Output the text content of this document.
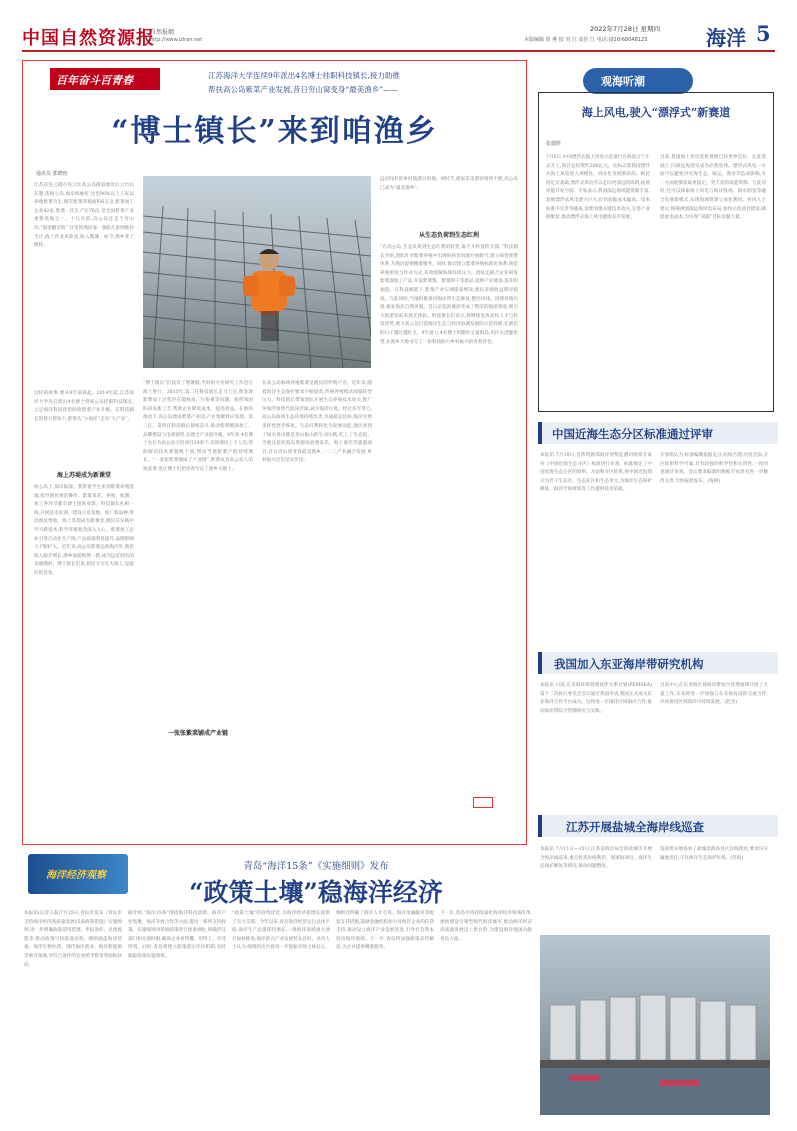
中国自然资源报
自然报網
http://www.iziran.net
2022年7月28日 星期四
本版编辑 崔 燕 校 对 江 责任 江 电话:(010)68048123	海洋 5
百年奋斗百青春	江苏海洋大学连续9年派出4名博士挂职科技镇长,接力助推
帮扶高公岛紫菜产业发展,昔日穷山窝变身“最美渔乡”——
“博士镇长”来到咱渔乡
通讯员 郭晓艳
江苏省连云港市连云区高公岛街道地处后云台山东麓,依海立岛,海岸线曲折,这里96%以上人家以养殖紫菜为生,拥有紫菜养殖面积6万亩,紫菜加工企业42家,紫菜一次生产达76亩,是全国紫菜产业重要基地之一。十几年前,高公岛还是个穷山沟,“海里翻苦海”,这里的渔民靠一条船几张网维持生计,海上作业风险高,收入微薄。如今,渔乡变了模样。
这样的故事,要从9年前说起。2014年起,江苏海洋大学先后派出4名博士到高公岛挂职科技镇长,立足海洋科技优势助推紫菜产业升级。在科技镇长的接力帮扶下,紫菜从“小海洋”走向“大产业”。
海上苏堤成为新课堂
海公岛上,海岸纵深。我带着学生来到紫菜养殖基地,指导渔民规范操作。紫菜采苗、养殖、收割、加工各环节都有博士团队身影。科技镇长扎根一线,开展技术培训、建设示范基地、推广新品种,带动渔民增收。海上苏堤成为新课堂,渔民在实践中学习新技术,科学养殖观念深入人心。紫菜加工企业引进自动化生产线,产品质量明显提升,品牌影响力不断扩大。近年来,高公岛紫菜远销海内外,渔民收入稳步增长,渔乡面貌焕然一新,成为远近闻名的美丽渔村。博士镇长们说,把论文写在大海上,是最好的答卷。
“博士镇长”们没有了寒暑假,平时的专业研究工作也在海上进行。2015年,第二任科技镇长走马上任,他发现紫菜加工过程存在能耗高、污染重等问题。他带领团队研发新工艺,帮助企业降低成本、提高效益。在他的推动下,高公岛建成紫菜产业园,产业集聚效应显现。第三任、第四任科技镇长接续奋斗,推动紫菜精深加工、品牌建设与电商销售,实现全产业链升级。9年来,4名博士先后为高公岛引进项目20余个,培训渔民上千人次,帮助解决技术难题数十项,带动当地紫菜产值持续增长。“一张张紫菜铺成了产业链”,紫菜成为高公岛人的致富菜,也让博士们把青春写在了渔乡大地上。
一张张紫菜铺成产业链
在高公岛海域养殖紫菜是渔民的传统产业。近年来,随着海洋生态保护要求不断提高,传统养殖模式面临转型压力。科技镇长带领团队开展生态养殖技术攻关,推广环保浮球替代泡沫浮球,减少海洋垃圾。经过多年努力,高公岛海域生态环境持续改善,水质稳定达标,海洋生物多样性逐步恢复。生态红利转化为发展动能,渔民看到了绿水青山就是金山银山的生动实践,吃上了生态饭。当地还依托海岛资源发展渔家乐、海上观光等旅游项目,昔日穷山窝变身最美渔乡,一二三产业融合发展,乡村振兴迈出坚实步伐。
远近闻名的乡村旅游目的地。闲时节,渔家乐里游客络绎不绝,高公岛已成为“最美渔乡”。
从生态负荷到生态红利
“在高公岛,生态负荷到生态红利的转变,离不开科技的支撑。”科技镇长介绍,团队针对紫菜养殖中出现的病害问题开展研究,建立病害预警体系,为渔民提供精准服务。同时,推动建立紫菜养殖标准化体系,规范养殖密度与作业方式,有效缓解海域环境压力。团队还联合企业研发紫菜深加工产品,开发紫菜酱、紫菜饼干等新品,延伸产业链条,提升附加值。在科技赋能下,紫菜产业实现提质增效,渔民养殖收益明显提高。与此同时,当地积极推进海岸带生态修复,整治岸线、清理养殖垃圾,恢复海岸自然风貌。昔日杂乱的滩涂变成了整洁的海滨景观,吸引大批游客前来观光体验。科技镇长们表示,将继续发挥高校人才与科技优势,助力高公岛打造海洋生态与经济协调发展的示范样板,让渔民的日子越过越红火。9年接力,4名博士用脚步丈量海岛,用汗水浇灌希望,在渔乡大地书写了一份科技助力乡村振兴的青春答卷。
观海听潮
海上风电,驶入“漂浮式”新赛道
张德胜
7月5日,中国漂浮式海上风电示范项目在海南万宁正式开工,项目总投资约200亿元。这标志着我国漂浮式海上风电进入规模化、商业化发展新阶段。相比固定式基础,漂浮式风电可以走向更深远的海域,拓展风能开发空间。专家表示,我国深远海风能资源丰富,发展漂浮式风电潜力巨大,但仍面临成本偏高、技术标准不完善等挑战,需要加强关键技术攻关,完善产业链配套,推动漂浮式海上风电健康有序发展。
目前,我国海上风电装机规模已居世界首位。在此基础上,向深远海进军成为必然选择。漂浮式风电一方面可以避免对近海生态、航运、渔业等造成影响,另一方面能够获取更稳定、更丰富的风能资源。与此同时,还可以探索海上风电与海洋牧场、海水制氢等融合发展新模式,实现海域资源立体化利用。业内人士建议,统筹规划深远海风电布局,加快示范项目建设,降低度电成本,为实现“双碳”目标贡献力量。
中国近海生态分区标准通过评审
本报讯 7月18日,自然资源部海洋预警监测司组织专家对《中国近海生态分区》标准进行审查。标准规定了中国近海生态分区的原则、方法和分区结果,将中国近海划分为若干生态区、生态亚区和生态单元,为海洋生态保护修复、海洋空间规划等工作提供技术依据。
专家组认为,标准编制依据充分,结构合理,内容全面,分区结果科学可靠,具有较强的科学性和实用性,一致同意通过审查。会议要求编制组根据专家意见进一步修改完善,尽快报批发布。(海研)
我国加入东亚海岸带研究机构
本报讯 日前,东亚海环境管理伙伴关系计划(PEMSEA)第十二次执行委员会会议通过我国申请,我国正式成为东亚海洋合作平台成员。这将进一步深化区域海洋合作,推动海岸带综合管理研究与实践。
目前中心在东亚海区域海岸带综合管理领域开展了大量工作,未来将进一步加强与东亚海各国的交流合作,共同推进区域海洋可持续发展。(赵杰)
江苏开展盐城全海岸线巡查
本报讯 7月11日—15日,江苏省海洋局会同盐城市开展全海岸线巡查,重点检查岸线利用、围填海项目、海洋生态保护修复等情况,推动问题整改。
巡查组实地查看了盐城沿海各县区岸线现状,要求压实属地责任,守住海洋生态保护红线。(苏海)
海洋经济观察
青岛“海洋15条”《实施细则》发布
“政策土壤”稳海洋经济
本报讯(记者王磊)7月25日,青岛市发布《青岛市支持海洋经济高质量发展15条政策措施》实施细则,进一步明确政策适用范围、申报条件、兑现流程等,推动政策尽快落地见效。细则涵盖海洋装备、海洋生物医药、现代海洋渔业、海洋新能源等重点领域,对符合条件的企业给予资金奖励和扶持。
据介绍,“海洋15条”围绕海洋科技创新、海洋产业集聚、海洋开放合作等方面,提出一系列支持政策。实施细则对各项政策进行逐条细化,明确责任部门和兑现时限,确保企业看得懂、用得上、享受得到。同时,青岛将建立政策落实评估机制,及时跟踪政策实施效果。
“政策土壤”的持续优化,为海洋经济稳增长提供了有力支撑。今年以来,青岛海洋经济运行总体平稳,海洋生产总值保持增长,一批海洋领域重大项目加快推进,海洋新兴产业发展势头良好。业内人士认为,细则的出台将进一步提振市场主体信心。
细则还明确了海洋人才引进、海洋金融服务等配套支持措施,鼓励金融机构加大对海洋企业的信贷支持,推动设立海洋产业发展基金,引导社会资本投向海洋领域。下一步,青岛将加强政策宣传解读,为企业提供精准服务。
下一步,青岛市将持续深化海洋经济领域改革,加快建设引领型现代海洋城市,推动海洋经济高质量发展迈上新台阶,为建设海洋强国贡献青岛力量。
